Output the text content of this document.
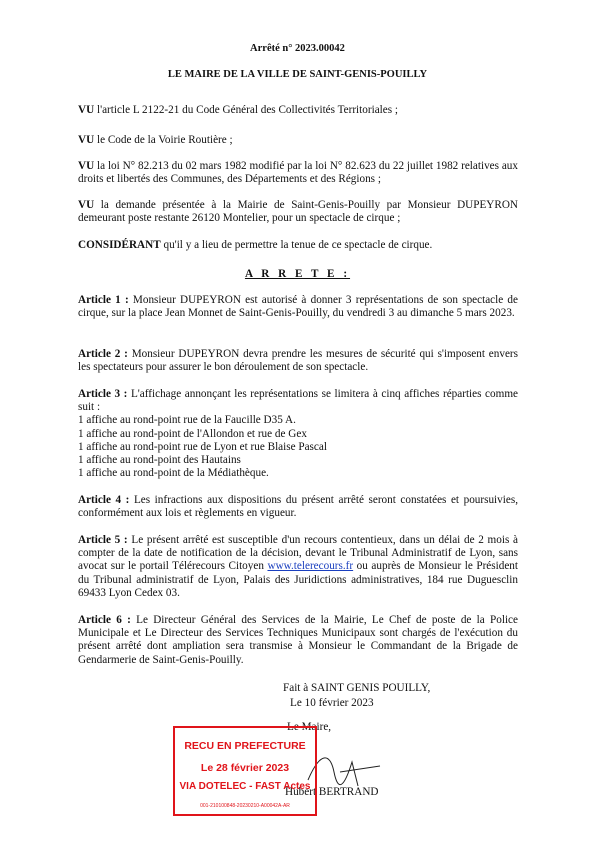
Arrêté n° 2023.00042
LE MAIRE DE LA VILLE DE SAINT-GENIS-POUILLY
VU l'article L 2122-21 du Code Général des Collectivités Territoriales ;
VU le Code de la Voirie Routière ;
VU la loi N° 82.213 du 02 mars 1982 modifié par la loi N° 82.623 du 22 juillet 1982 relatives aux droits et libertés des Communes, des Départements et des Régions ;
VU la demande présentée à la Mairie de Saint-Genis-Pouilly par Monsieur DUPEYRON demeurant poste restante 26120 Montelier, pour un spectacle de cirque ;
CONSIDÉRANT qu'il y a lieu de permettre la tenue de ce spectacle de cirque.
A R R E T E :
Article 1 : Monsieur DUPEYRON est autorisé à donner 3 représentations de son spectacle de cirque, sur la place Jean Monnet de Saint-Genis-Pouilly, du vendredi 3 au dimanche 5 mars 2023.
Article 2 : Monsieur DUPEYRON devra prendre les mesures de sécurité qui s'imposent envers les spectateurs pour assurer le bon déroulement de son spectacle.
Article 3 : L'affichage annonçant les représentations se limitera à cinq affiches réparties comme suit :
1 affiche au rond-point rue de la Faucille D35 A.
1 affiche au rond-point de l'Allondon et rue de Gex
1 affiche au rond-point rue de Lyon et rue Blaise Pascal
1 affiche au rond-point des Hautains
1 affiche au rond-point de la Médiathèque.
Article 4 : Les infractions aux dispositions du présent arrêté seront constatées et poursuivies, conformément aux lois et règlements en vigueur.
Article 5 : Le présent arrêté est susceptible d'un recours contentieux, dans un délai de 2 mois à compter de la date de notification de la décision, devant le Tribunal Administratif de Lyon, sans avocat sur le portail Télérecours Citoyen www.telerecours.fr ou auprès de Monsieur le Président du Tribunal administratif de Lyon, Palais des Juridictions administratives, 184 rue Duguesclin 69433 Lyon Cedex 03.
Article 6 : Le Directeur Général des Services de la Mairie, Le Chef de poste de la Police Municipale et Le Directeur des Services Techniques Municipaux sont chargés de l'exécution du présent arrêté dont ampliation sera transmise à Monsieur le Commandant de la Brigade de Gendarmerie de Saint-Genis-Pouilly.
Fait à SAINT GENIS POUILLY,
Le 10 février 2023
Le Maire,
Hubert BERTRAND
RECU EN PREFECTURE
Le 28 février 2023
VIA DOTELEC - FAST Actes
001-210100848-20230210-A00042A-AR
